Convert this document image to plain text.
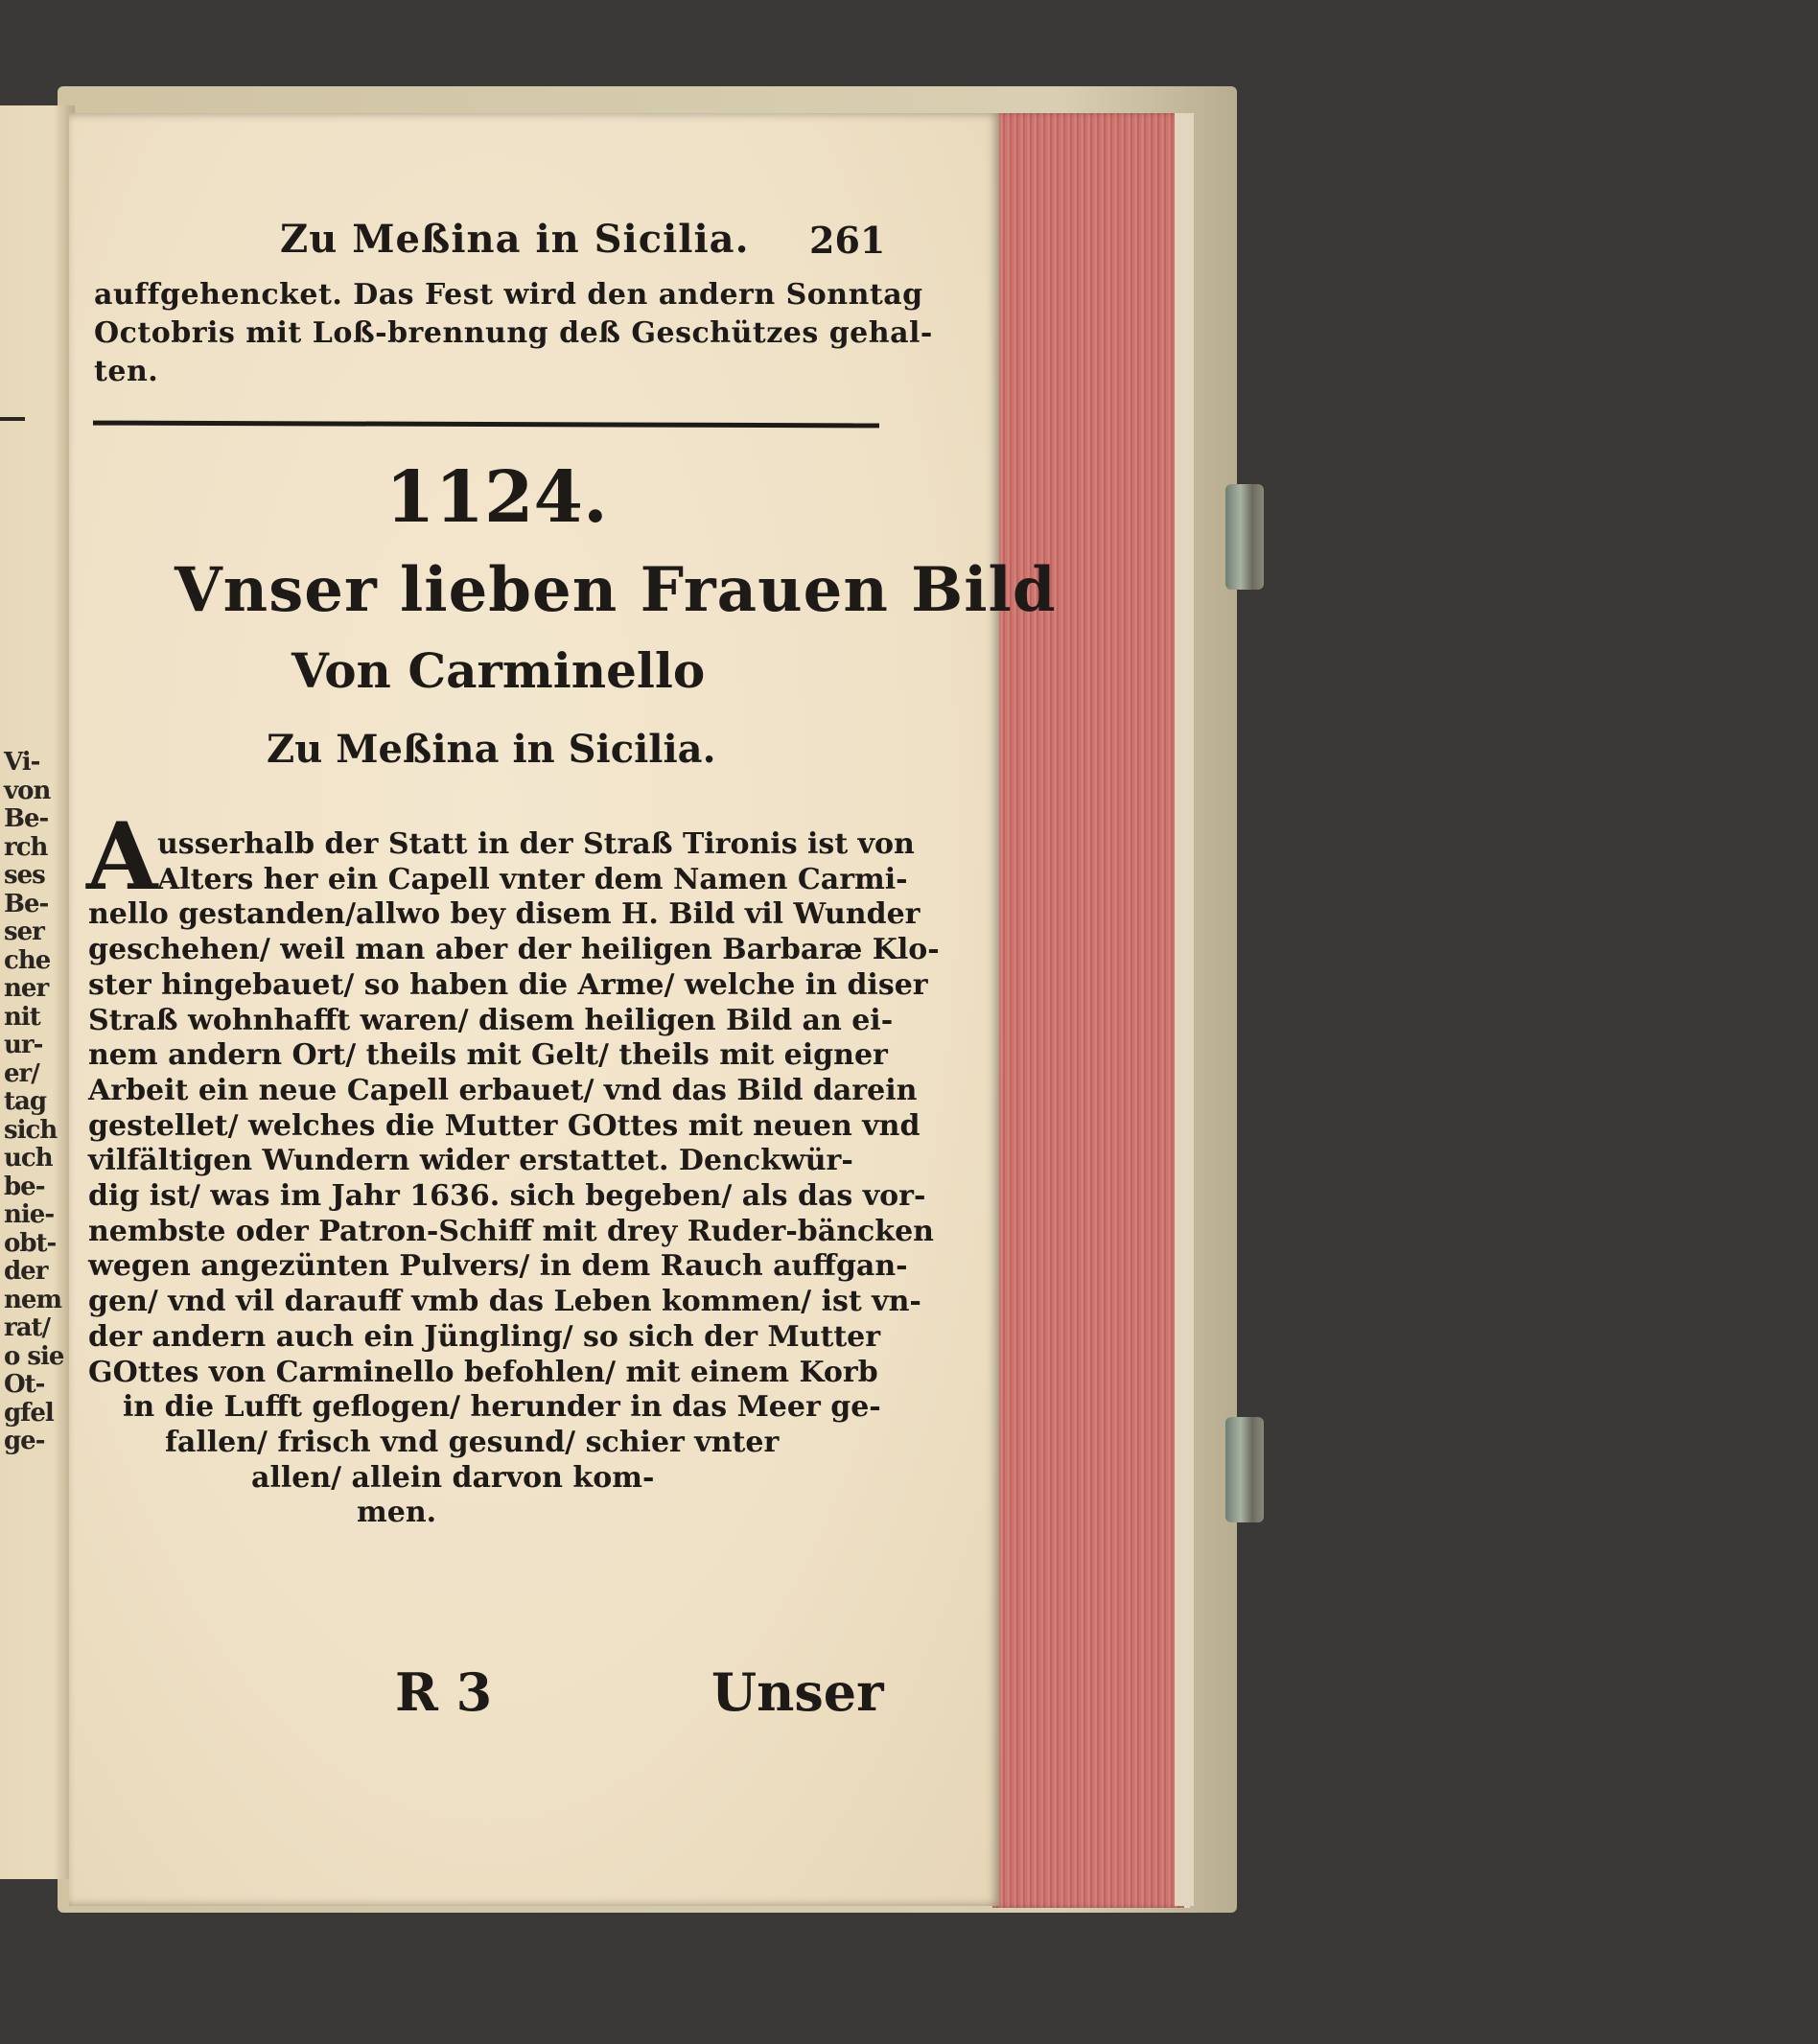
Vi-
von
Be-
rch
ses
Be-
ser
che
ner
nit
ur-
er/
tag
sich
uch
be-
nie-
obt-
der
nem
rat/
o sie
Ot-
gfel
ge-
Zu Meßina in Sicilia. 261
auffgehencket. Das Fest wird den andern Sonntag
Octobris mit Loß-brennung deß Geschützes gehal-
ten.
1124.
Vnser lieben Frauen Bild
Von Carminello
Zu Meßina in Sicilia.
A usserhalb der Statt in der Straß Tironis ist von
Alters her ein Capell vnter dem Namen Carmi-
nello gestanden/allwo bey disem H. Bild vil Wunder
geschehen/ weil man aber der heiligen Barbaræ Klo-
ster hingebauet/ so haben die Arme/ welche in diser
Straß wohnhafft waren/ disem heiligen Bild an ei-
nem andern Ort/ theils mit Gelt/ theils mit eigner
Arbeit ein neue Capell erbauet/ vnd das Bild darein
gestellet/ welches die Mutter GOttes mit neuen vnd
vilfältigen Wundern wider erstattet. Denckwür-
dig ist/ was im Jahr 1636. sich begeben/ als das vor-
nembste oder Patron-Schiff mit drey Ruder-bäncken
wegen angezünten Pulvers/ in dem Rauch auffgan-
gen/ vnd vil darauff vmb das Leben kommen/ ist vn-
der andern auch ein Jüngling/ so sich der Mutter
GOttes von Carminello befohlen/ mit einem Korb
in die Lufft geflogen/ herunder in das Meer ge-
fallen/ frisch vnd gesund/ schier vnter
allen/ allein darvon kom-
men.
R 3	Unser
